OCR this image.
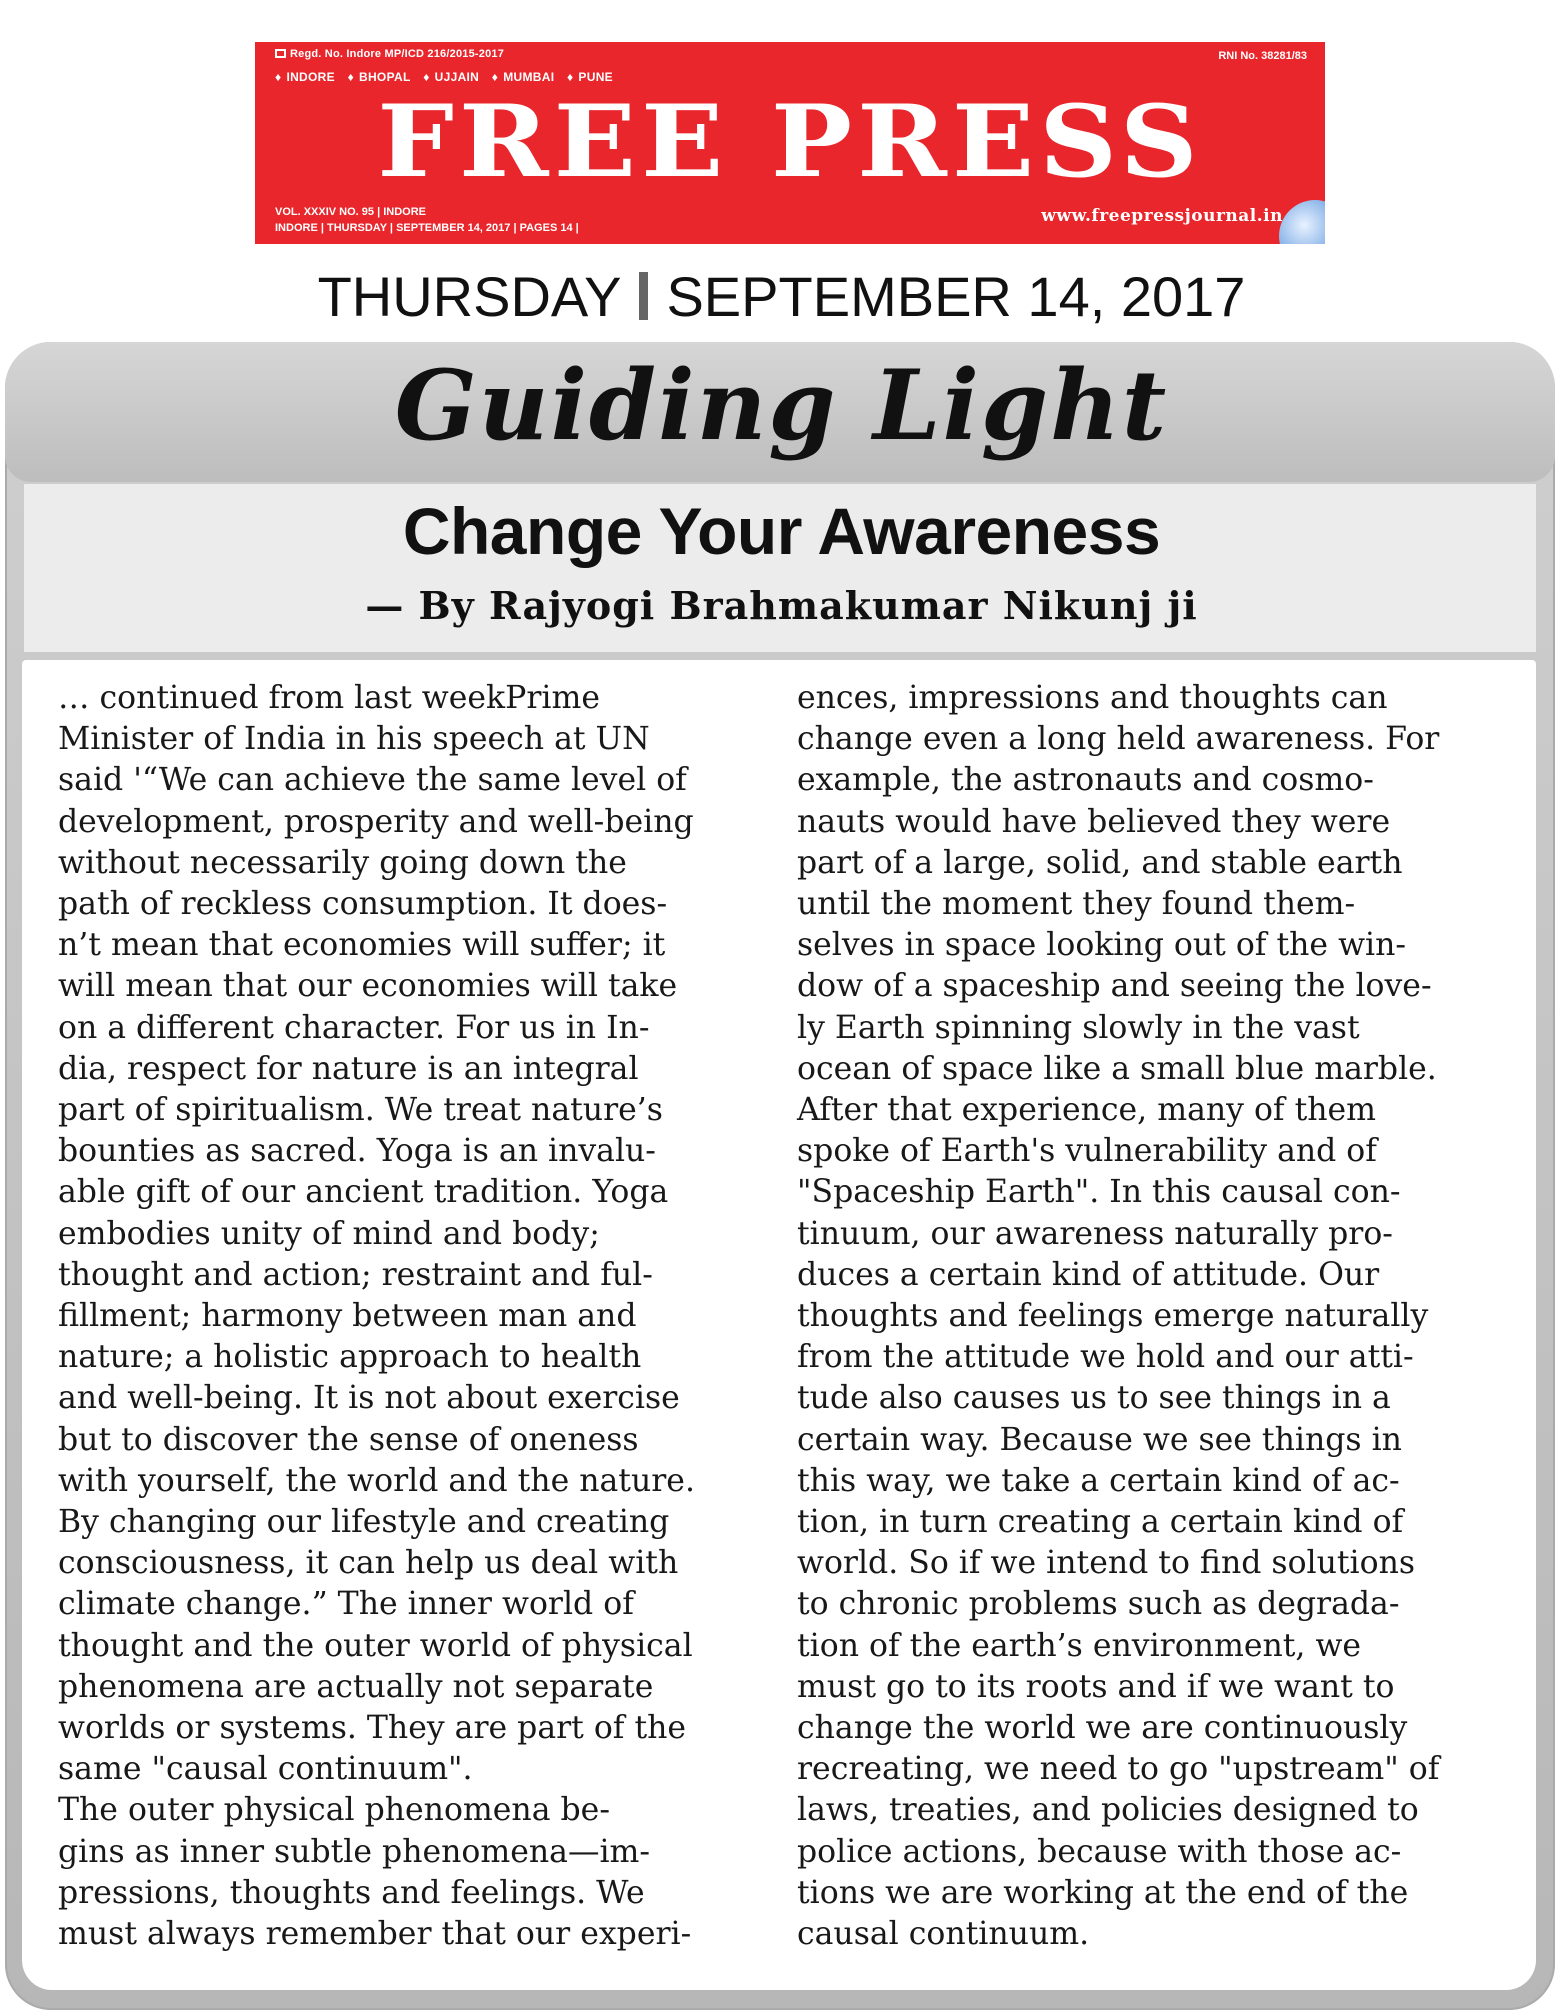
Regd. No. Indore MP/ICD 216/2015-2017
♦ INDORE ♦ BHOPAL ♦ UJJAIN ♦ MUMBAI ♦ PUNE
RNI No. 38281/83
FREE PRESS
VOL. XXXIV NO. 95 | INDORE
INDORE | THURSDAY | SEPTEMBER 14, 2017 | PAGES 14 |
www.freepressjournal.in
THURSDAY SEPTEMBER 14, 2017
Guiding Light
Change Your Awareness
— By Rajyogi Brahmakumar Nikunj ji

… continued from last weekPrime
Minister of India in his speech at UN
said '“We can achieve the same level of
development, prosperity and well-being
without necessarily going down the
path of reckless consumption. It does-
n’t mean that economies will suffer; it
will mean that our economies will take
on a different character. For us in In-
dia, respect for nature is an integral
part of spiritualism. We treat nature’s
bounties as sacred. Yoga is an invalu-
able gift of our ancient tradition. Yoga
embodies unity of mind and body;
thought and action; restraint and ful-
fillment; harmony between man and
nature; a holistic approach to health
and well-being. It is not about exercise
but to discover the sense of oneness
with yourself, the world and the nature.
By changing our lifestyle and creating
consciousness, it can help us deal with
climate change.” The inner world of
thought and the outer world of physical
phenomena are actually not separate
worlds or systems. They are part of the
same "causal continuum".

The outer physical phenomena be-
gins as inner subtle phenomena—im-
pressions, thoughts and feelings. We
must always remember that our experi-

ences, impressions and thoughts can
change even a long held awareness. For
example, the astronauts and cosmo-
nauts would have believed they were
part of a large, solid, and stable earth
until the moment they found them-
selves in space looking out of the win-
dow of a spaceship and seeing the love-
ly Earth spinning slowly in the vast
ocean of space like a small blue marble.
After that experience, many of them
spoke of Earth's vulnerability and of
"Spaceship Earth". In this causal con-
tinuum, our awareness naturally pro-
duces a certain kind of attitude. Our
thoughts and feelings emerge naturally
from the attitude we hold and our atti-
tude also causes us to see things in a
certain way. Because we see things in
this way, we take a certain kind of ac-
tion, in turn creating a certain kind of
world. So if we intend to find solutions
to chronic problems such as degrada-
tion of the earth’s environment, we
must go to its roots and if we want to
change the world we are continuously
recreating, we need to go "upstream" of
laws, treaties, and policies designed to
police actions, because with those ac-
tions we are working at the end of the
causal continuum.
